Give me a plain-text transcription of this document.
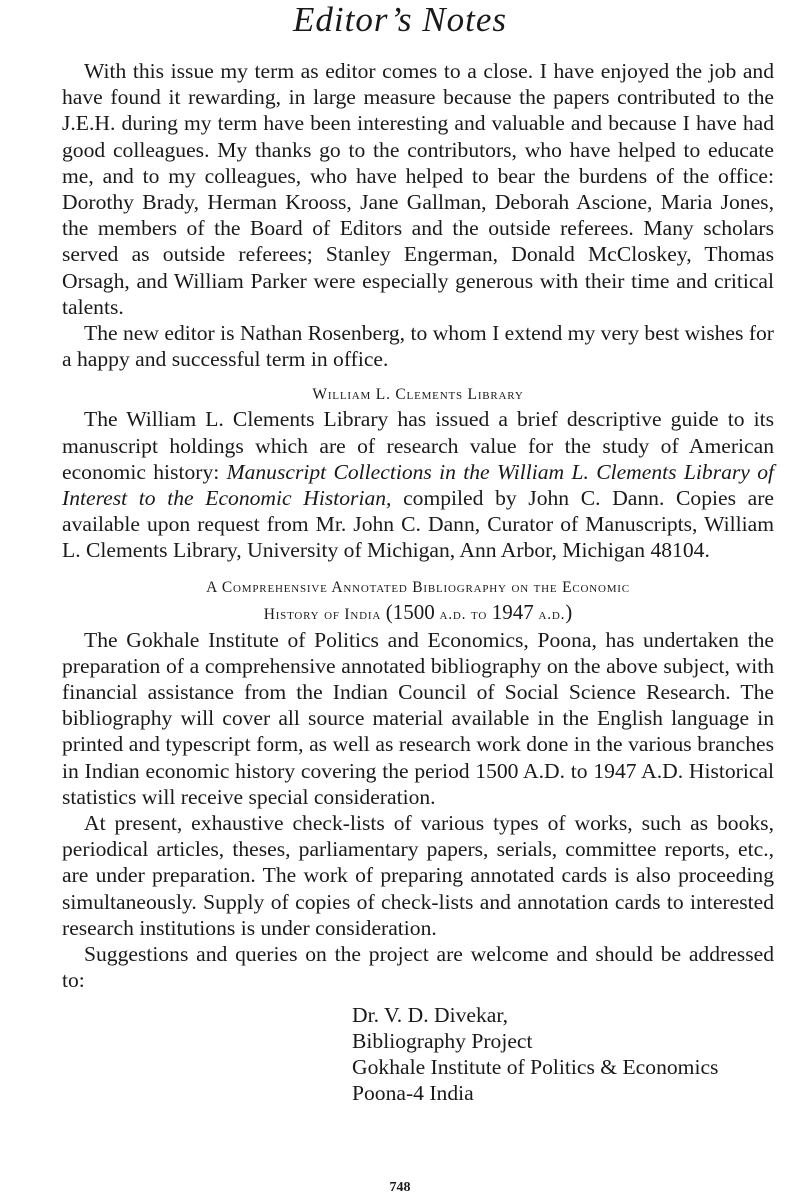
Editor’s Notes

With this issue my term as editor comes to a close. I have enjoyed the job and have found it rewarding, in large measure because the papers contributed to the J.E.H. during my term have been interesting and valuable and because I have had good colleagues. My thanks go to the contributors, who have helped to educate me, and to my colleagues, who have helped to bear the burdens of the office: Dorothy Brady, Herman Krooss, Jane Gallman, Deborah Ascione, Maria Jones, the members of the Board of Editors and the outside referees. Many scholars served as outside referees; Stanley Engerman, Donald McCloskey, Thomas Orsagh, and William Parker were especially generous with their time and critical talents.

The new editor is Nathan Rosenberg, to whom I extend my very best wishes for a happy and successful term in office.

William L. Clements Library

The William L. Clements Library has issued a brief descriptive guide to its manuscript holdings which are of research value for the study of American economic history: Manuscript Collections in the William L. Clements Library of Interest to the Economic Historian, compiled by John C. Dann. Copies are available upon request from Mr. John C. Dann, Curator of Manuscripts, William L. Clements Library, University of Michigan, Ann Arbor, Michigan 48104.

A Comprehensive Annotated Bibliography on the Economic
History of India (1500 a.d. to 1947 a.d.)

The Gokhale Institute of Politics and Economics, Poona, has undertaken the preparation of a comprehensive annotated bibliography on the above subject, with financial assistance from the Indian Council of Social Science Research. The bibliography will cover all source material available in the English language in printed and typescript form, as well as research work done in the various branches in Indian economic history covering the period 1500 A.D. to 1947 A.D. Historical statistics will receive special consideration.

At present, exhaustive check-lists of various types of works, such as books, periodical articles, theses, parliamentary papers, serials, committee reports, etc., are under preparation. The work of preparing annotated cards is also proceeding simultaneously. Supply of copies of check-lists and annotation cards to interested research institutions is under consideration.

Suggestions and queries on the project are welcome and should be addressed to:

Dr. V. D. Divekar,
Bibliography Project
Gokhale Institute of Politics & Economics
Poona-4 India
748
